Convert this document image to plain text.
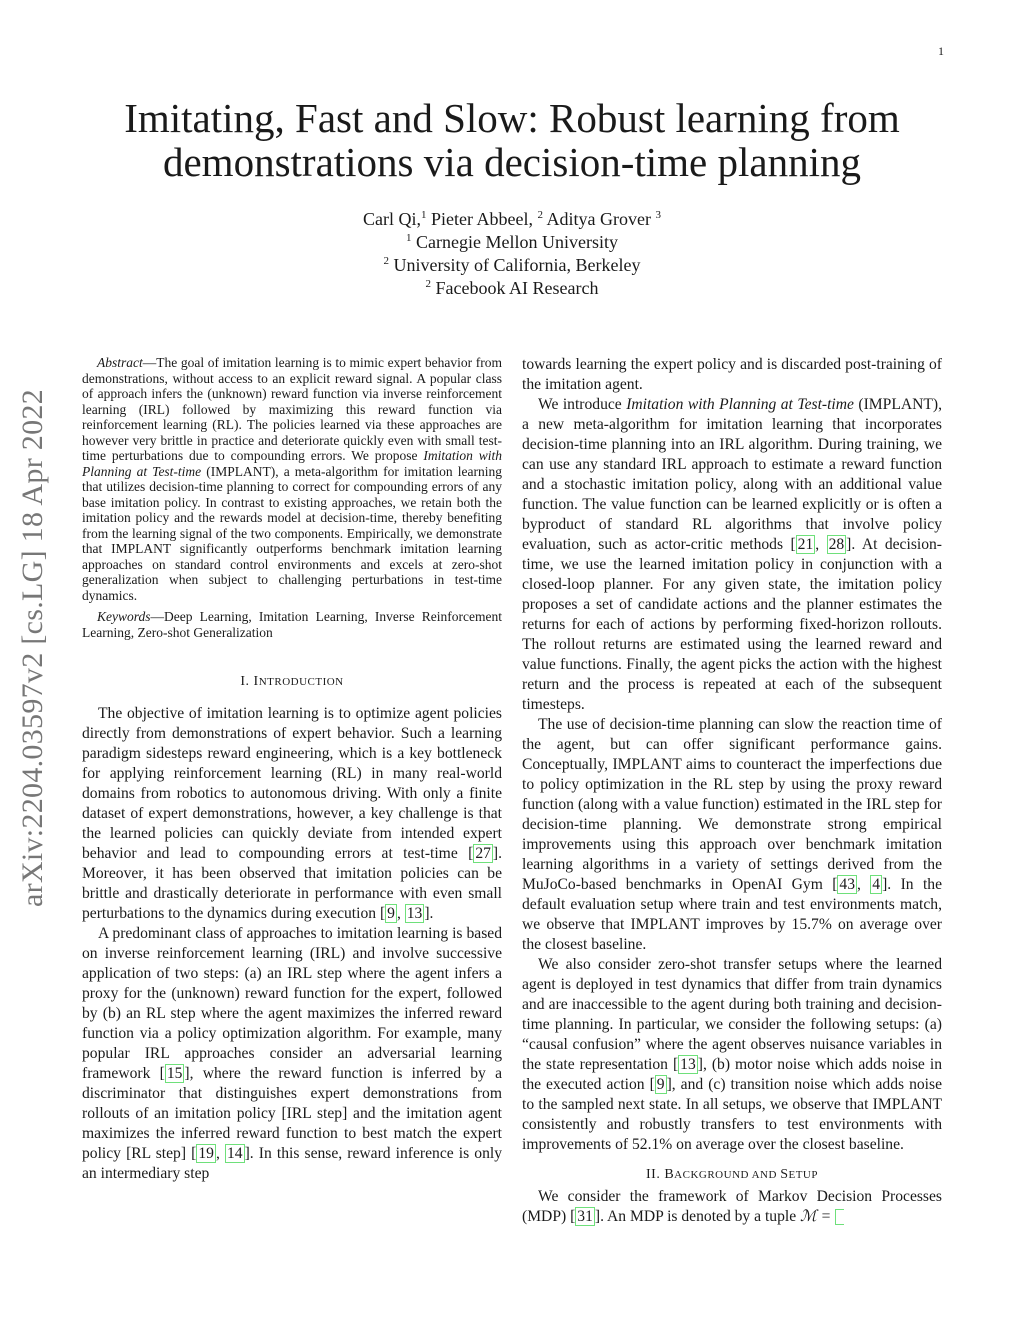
1
arXiv:2204.03597v2 [cs.LG] 18 Apr 2022
Imitating, Fast and Slow: Robust learning from
demonstrations via decision-time planning
Carl Qi,$^1$ Pieter Abbeel, $^2$ Aditya Grover $^3$
$^1$ Carnegie Mellon University
$^2$ University of California, Berkeley
$^2$ Facebook AI Research

Abstract—The goal of imitation learning is to mimic expert behavior from demonstrations, without access to an explicit reward signal. A popular class of approach infers the (unknown) reward function via inverse reinforcement learning (IRL) followed by maximizing this reward function via reinforcement learning (RL). The policies learned via these approaches are however very brittle in practice and deteriorate quickly even with small test-time perturbations due to compounding errors. We propose Imitation with Planning at Test-time (IMPLANT), a meta-algorithm for imitation learning that utilizes decision-time planning to correct for compounding errors of any base imitation policy. In contrast to existing approaches, we retain both the imitation policy and the rewards model at decision-time, thereby benefiting from the learning signal of the two components. Empirically, we demonstrate that IMPLANT significantly outperforms benchmark imitation learning approaches on standard control environments and excels at zero-shot generalization when subject to challenging perturbations in test-time dynamics.

Keywords—Deep Learning, Imitation Learning, Inverse Reinforcement Learning, Zero-shot Generalization

I. INTRODUCTION

The objective of imitation learning is to optimize agent policies directly from demonstrations of expert behavior. Such a learning paradigm sidesteps reward engineering, which is a key bottleneck for applying reinforcement learning (RL) in many real-world domains from robotics to autonomous driving. With only a finite dataset of expert demonstrations, however, a key challenge is that the learned policies can quickly deviate from intended expert behavior and lead to compounding errors at test-time [ 27 ]. Moreover, it has been observed that imitation policies can be brittle and drastically deteriorate in performance with even small perturbations to the dynamics during execution [ 9 , 13 ].

A predominant class of approaches to imitation learning is based on inverse reinforcement learning (IRL) and involve successive application of two steps: (a) an IRL step where the agent infers a proxy for the (unknown) reward function for the expert, followed by (b) an RL step where the agent maximizes the inferred reward function via a policy optimization algorithm. For example, many popular IRL approaches consider an adversarial learning framework [ 15 ], where the reward function is inferred by a discriminator that distinguishes expert demonstrations from rollouts of an imitation policy [IRL step] and the imitation agent maximizes the inferred reward function to best match the expert policy [RL step] [ 19 , 14 ]. In this sense, reward inference is only an intermediary step

towards learning the expert policy and is discarded post-training of the imitation agent.

We introduce Imitation with Planning at Test-time (IMPLANT), a new meta-algorithm for imitation learning that incorporates decision-time planning into an IRL algorithm. During training, we can use any standard IRL approach to estimate a reward function and a stochastic imitation policy, along with an additional value function. The value function can be learned explicitly or is often a byproduct of standard RL algorithms that involve policy evaluation, such as actor-critic methods [ 21 , 28 ]. At decision-time, we use the learned imitation policy in conjunction with a closed-loop planner. For any given state, the imitation policy proposes a set of candidate actions and the planner estimates the returns for each of actions by performing fixed-horizon rollouts. The rollout returns are estimated using the learned reward and value functions. Finally, the agent picks the action with the highest return and the process is repeated at each of the subsequent timesteps.

The use of decision-time planning can slow the reaction time of the agent, but can offer significant performance gains. Conceptually, IMPLANT aims to counteract the imperfections due to policy optimization in the RL step by using the proxy reward function (along with a value function) estimated in the IRL step for decision-time planning. We demonstrate strong empirical improvements using this approach over benchmark imitation learning algorithms in a variety of settings derived from the MuJoCo-based benchmarks in OpenAI Gym [ 43 , 4 ]. In the default evaluation setup where train and test environments match, we observe that IMPLANT improves by 15.7% on average over the closest baseline.

We also consider zero-shot transfer setups where the learned agent is deployed in test dynamics that differ from train dynamics and are inaccessible to the agent during both training and decision-time planning. In particular, we consider the following setups: (a) “causal confusion” where the agent observes nuisance variables in the state representation [ 13 ], (b) motor noise which adds noise in the executed action [ 9 ], and (c) transition noise which adds noise to the sampled next state. In all setups, we observe that IMPLANT consistently and robustly transfers to test environments with improvements of 52.1% on average over the closest baseline.

II. BACKGROUND AND SETUP

We consider the framework of Markov Decision Processes (MDP) [ 31 ]. An MDP is denoted by a tuple ℳ =
